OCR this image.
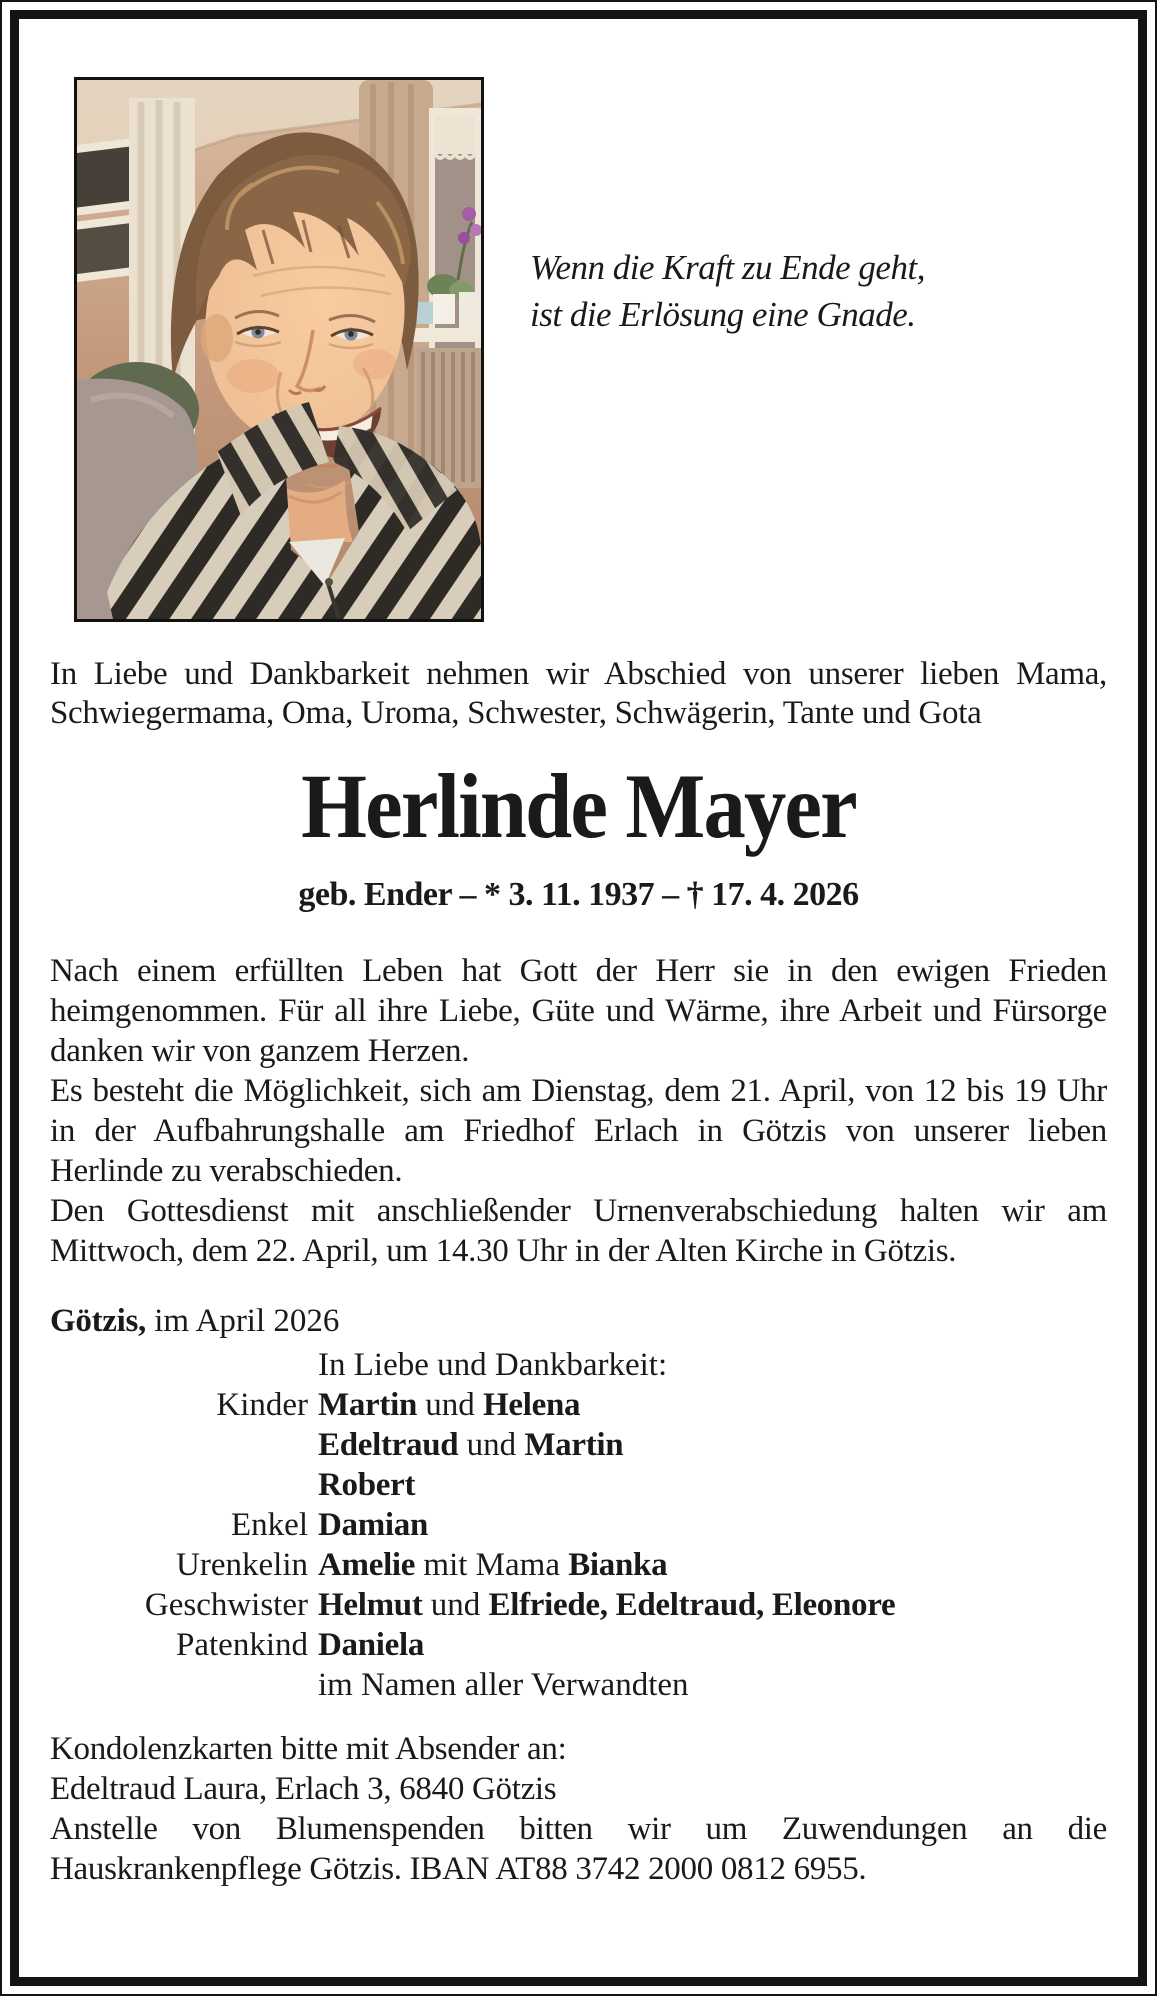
Wenn die Kraft zu Ende geht,
ist die Erlösung eine Gnade.

In Liebe und Dankbarkeit nehmen wir Abschied von unserer lieben Mama, Schwiegermama, Oma, Uroma, Schwester, Schwägerin, Tante und Gota

Herlinde Mayer
geb. Ender – * 3. 11. 1937 – † 17. 4. 2026

Nach einem erfüllten Leben hat Gott der Herr sie in den ewigen Frieden heimgenommen. Für all ihre Liebe, Güte und Wärme, ihre Arbeit und Fürsorge danken wir von ganzem Herzen.

Es besteht die Möglichkeit, sich am Dienstag, dem 21. April, von 12 bis 19 Uhr in der Aufbahrungshalle am Friedhof Erlach in Götzis von unserer lieben Herlinde zu verabschieden.

Den Gottesdienst mit anschließender Urnenverabschiedung halten wir am Mittwoch, dem 22. April, um 14.30 Uhr in der Alten Kirche in Götzis.

Götzis, im April 2026

In Liebe und Dankbarkeit:
Kinder Martin und Helena
Edeltraud und Martin
Robert
Enkel Damian
Urenkelin Amelie mit Mama Bianka
Geschwister Helmut und Elfriede, Edeltraud, Eleonore
Patenkind Daniela
im Namen aller Verwandten

Kondolenzkarten bitte mit Absender an:

Edeltraud Laura, Erlach 3, 6840 Götzis

Anstelle von Blumenspenden bitten wir um Zuwendungen an die Hauskrankenpflege Götzis. IBAN AT88 3742 2000 0812 6955.
